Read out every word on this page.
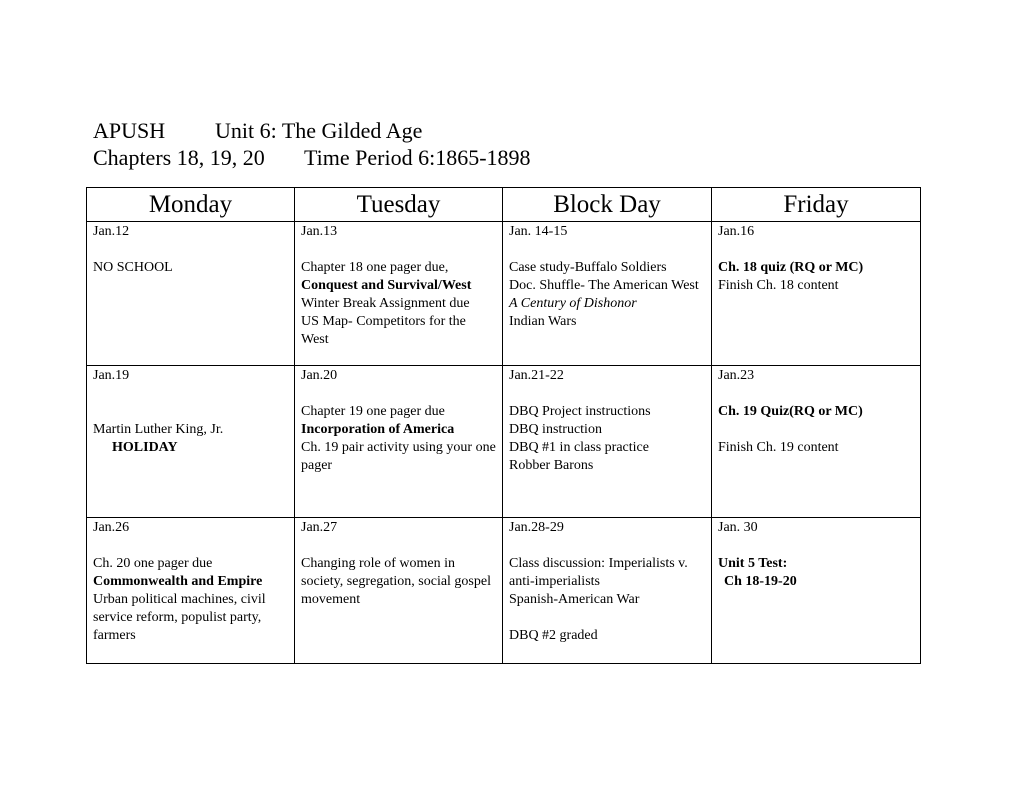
APUSH Unit 6: The Gilded Age
Chapters 18, 19, 20 Time Period 6:1865-1898
Monday	Tuesday	Block Day	Friday

Jan.12
NO SCHOOL	Jan.13
Chapter 18 one pager due,
Conquest and Survival/West
Winter Break Assignment due
US Map- Competitors for the West	Jan. 14-15
Case study-Buffalo Soldiers
Doc. Shuffle- The American West
A Century of Dishonor
Indian Wars	Jan.16
Ch. 18 quiz (RQ or MC)
Finish Ch. 18 content

Jan.19
Martin Luther King, Jr.
HOLIDAY	Jan.20
Chapter 19 one pager due
Incorporation of America
Ch. 19 pair activity using your one pager	Jan.21-22
DBQ Project instructions
DBQ instruction
DBQ #1 in class practice
Robber Barons	Jan.23
Ch. 19 Quiz(RQ or MC)
Finish Ch. 19 content

Jan.26
Ch. 20 one pager due
Commonwealth and Empire
Urban political machines, civil service reform, populist party, farmers	Jan.27
Changing role of women in society, segregation, social gospel movement	Jan.28-29
Class discussion: Imperialists v. anti-imperialists
Spanish-American War
DBQ #2 graded	Jan. 30
Unit 5 Test:
Ch 18-19-20
